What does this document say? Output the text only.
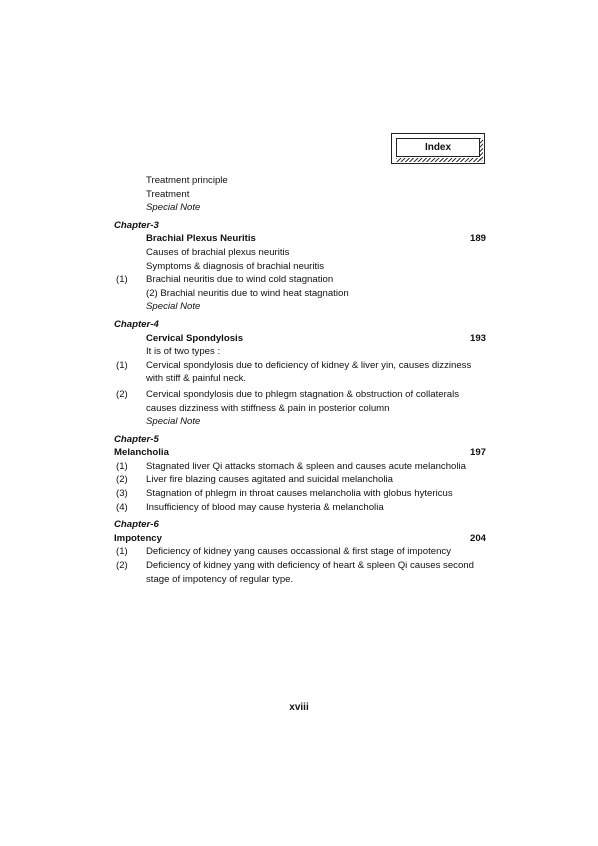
Index
Treatment principle
Treatment
Special Note
Chapter-3
Brachial Plexus Neuritis	189
Causes of brachial plexus neuritis
Symptoms & diagnosis of brachial neuritis
(1) Brachial neuritis due to wind cold stagnation
(2) Brachial neuritis due to wind heat stagnation
Special Note
Chapter-4
Cervical Spondylosis	193
It is of two types :
(1) Cervical spondylosis due to deficiency of kidney & liver yin, causes dizziness with stiff & painful neck.
(2) Cervical spondylosis due to phlegm stagnation & obstruction of collaterals causes dizziness with stiffness & pain in posterior column
Special Note
Chapter-5
Melancholia	197
(1) Stagnated liver Qi attacks stomach & spleen and causes acute melancholia
(2) Liver fire blazing causes agitated and suicidal melancholia
(3) Stagnation of phlegm in throat causes melancholia with globus hytericus
(4) Insufficiency of blood may cause hysteria & melancholia
Chapter-6
Impotency	204
(1) Deficiency of kidney yang causes occassional & first stage of impotency
(2) Deficiency of kidney yang with deficiency of heart & spleen Qi causes second stage of impotency of regular type.
xviii
